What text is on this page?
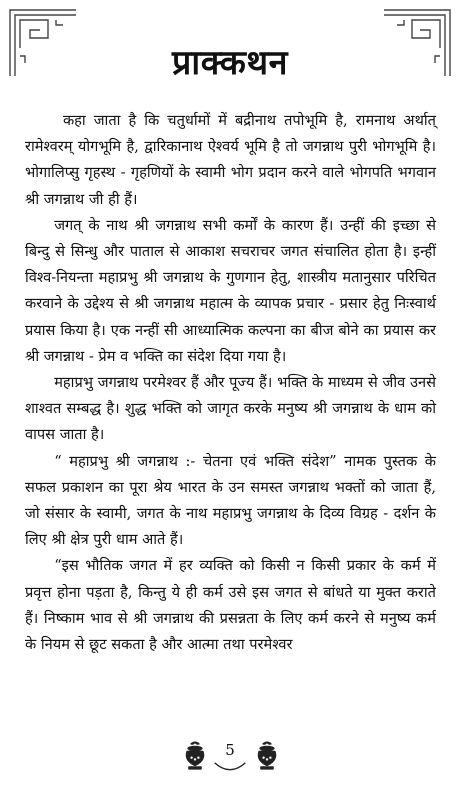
प्राक्कथन

कहा जाता है कि चतुर्धामों में बद्रीनाथ तपोभूमि है, रामनाथ अर्थात् रामेश्वरम् योगभूमि है, द्वारिकानाथ ऐश्वर्य भूमि है तो जगन्नाथ पुरी भोगभूमि है। भोगालिप्सु गृहस्थ - गृहणियों के स्वामी भोग प्रदान करने वाले भोगपति भगवान श्री जगन्नाथ जी ही हैं।

जगत् के नाथ श्री जगन्नाथ सभी कर्मों के कारण हैं। उन्हीं की इच्छा से बिन्दु से सिन्धु और पाताल से आकाश सचराचर जगत संचालित होता है। इन्हीं विश्व-नियन्ता महाप्रभु श्री जगन्नाथ के गुणगान हेतु, शास्त्रीय मतानुसार परिचित करवाने के उद्देश्य से श्री जगन्नाथ महात्म के व्यापक प्रचार - प्रसार हेतु निःस्वार्थ प्रयास किया है। एक नन्हीं सी आध्यात्मिक कल्पना का बीज बोने का प्रयास कर श्री जगन्नाथ - प्रेम व भक्ति का संदेश दिया गया है।

महाप्रभु जगन्नाथ परमेश्वर हैं और पूज्य हैं। भक्ति के माध्यम से जीव उनसे शाश्वत सम्बद्ध है। शुद्ध भक्ति को जागृत करके मनुष्य श्री जगन्नाथ के धाम को वापस जाता है।

“ महाप्रभु श्री जगन्नाथ :- चेतना एवं भक्ति संदेश” नामक पुस्तक के सफल प्रकाशन का पूरा श्रेय भारत के उन समस्त जगन्नाथ भक्तों को जाता हैं, जो संसार के स्वामी, जगत के नाथ महाप्रभु जगन्नाथ के दिव्य विग्रह - दर्शन के लिए श्री क्षेत्र पुरी धाम आते हैं।

“इस भौतिक जगत में हर व्यक्ति को किसी न किसी प्रकार के कर्म में प्रवृत्त होना पड़ता है, किन्तु ये ही कर्म उसे इस जगत से बांधते या मुक्त कराते हैं। निष्काम भाव से श्री जगन्नाथ की प्रसन्नता के लिए कर्म करने से मनुष्य कर्म के नियम से छूट सकता है और आत्मा तथा परमेश्वर

5
